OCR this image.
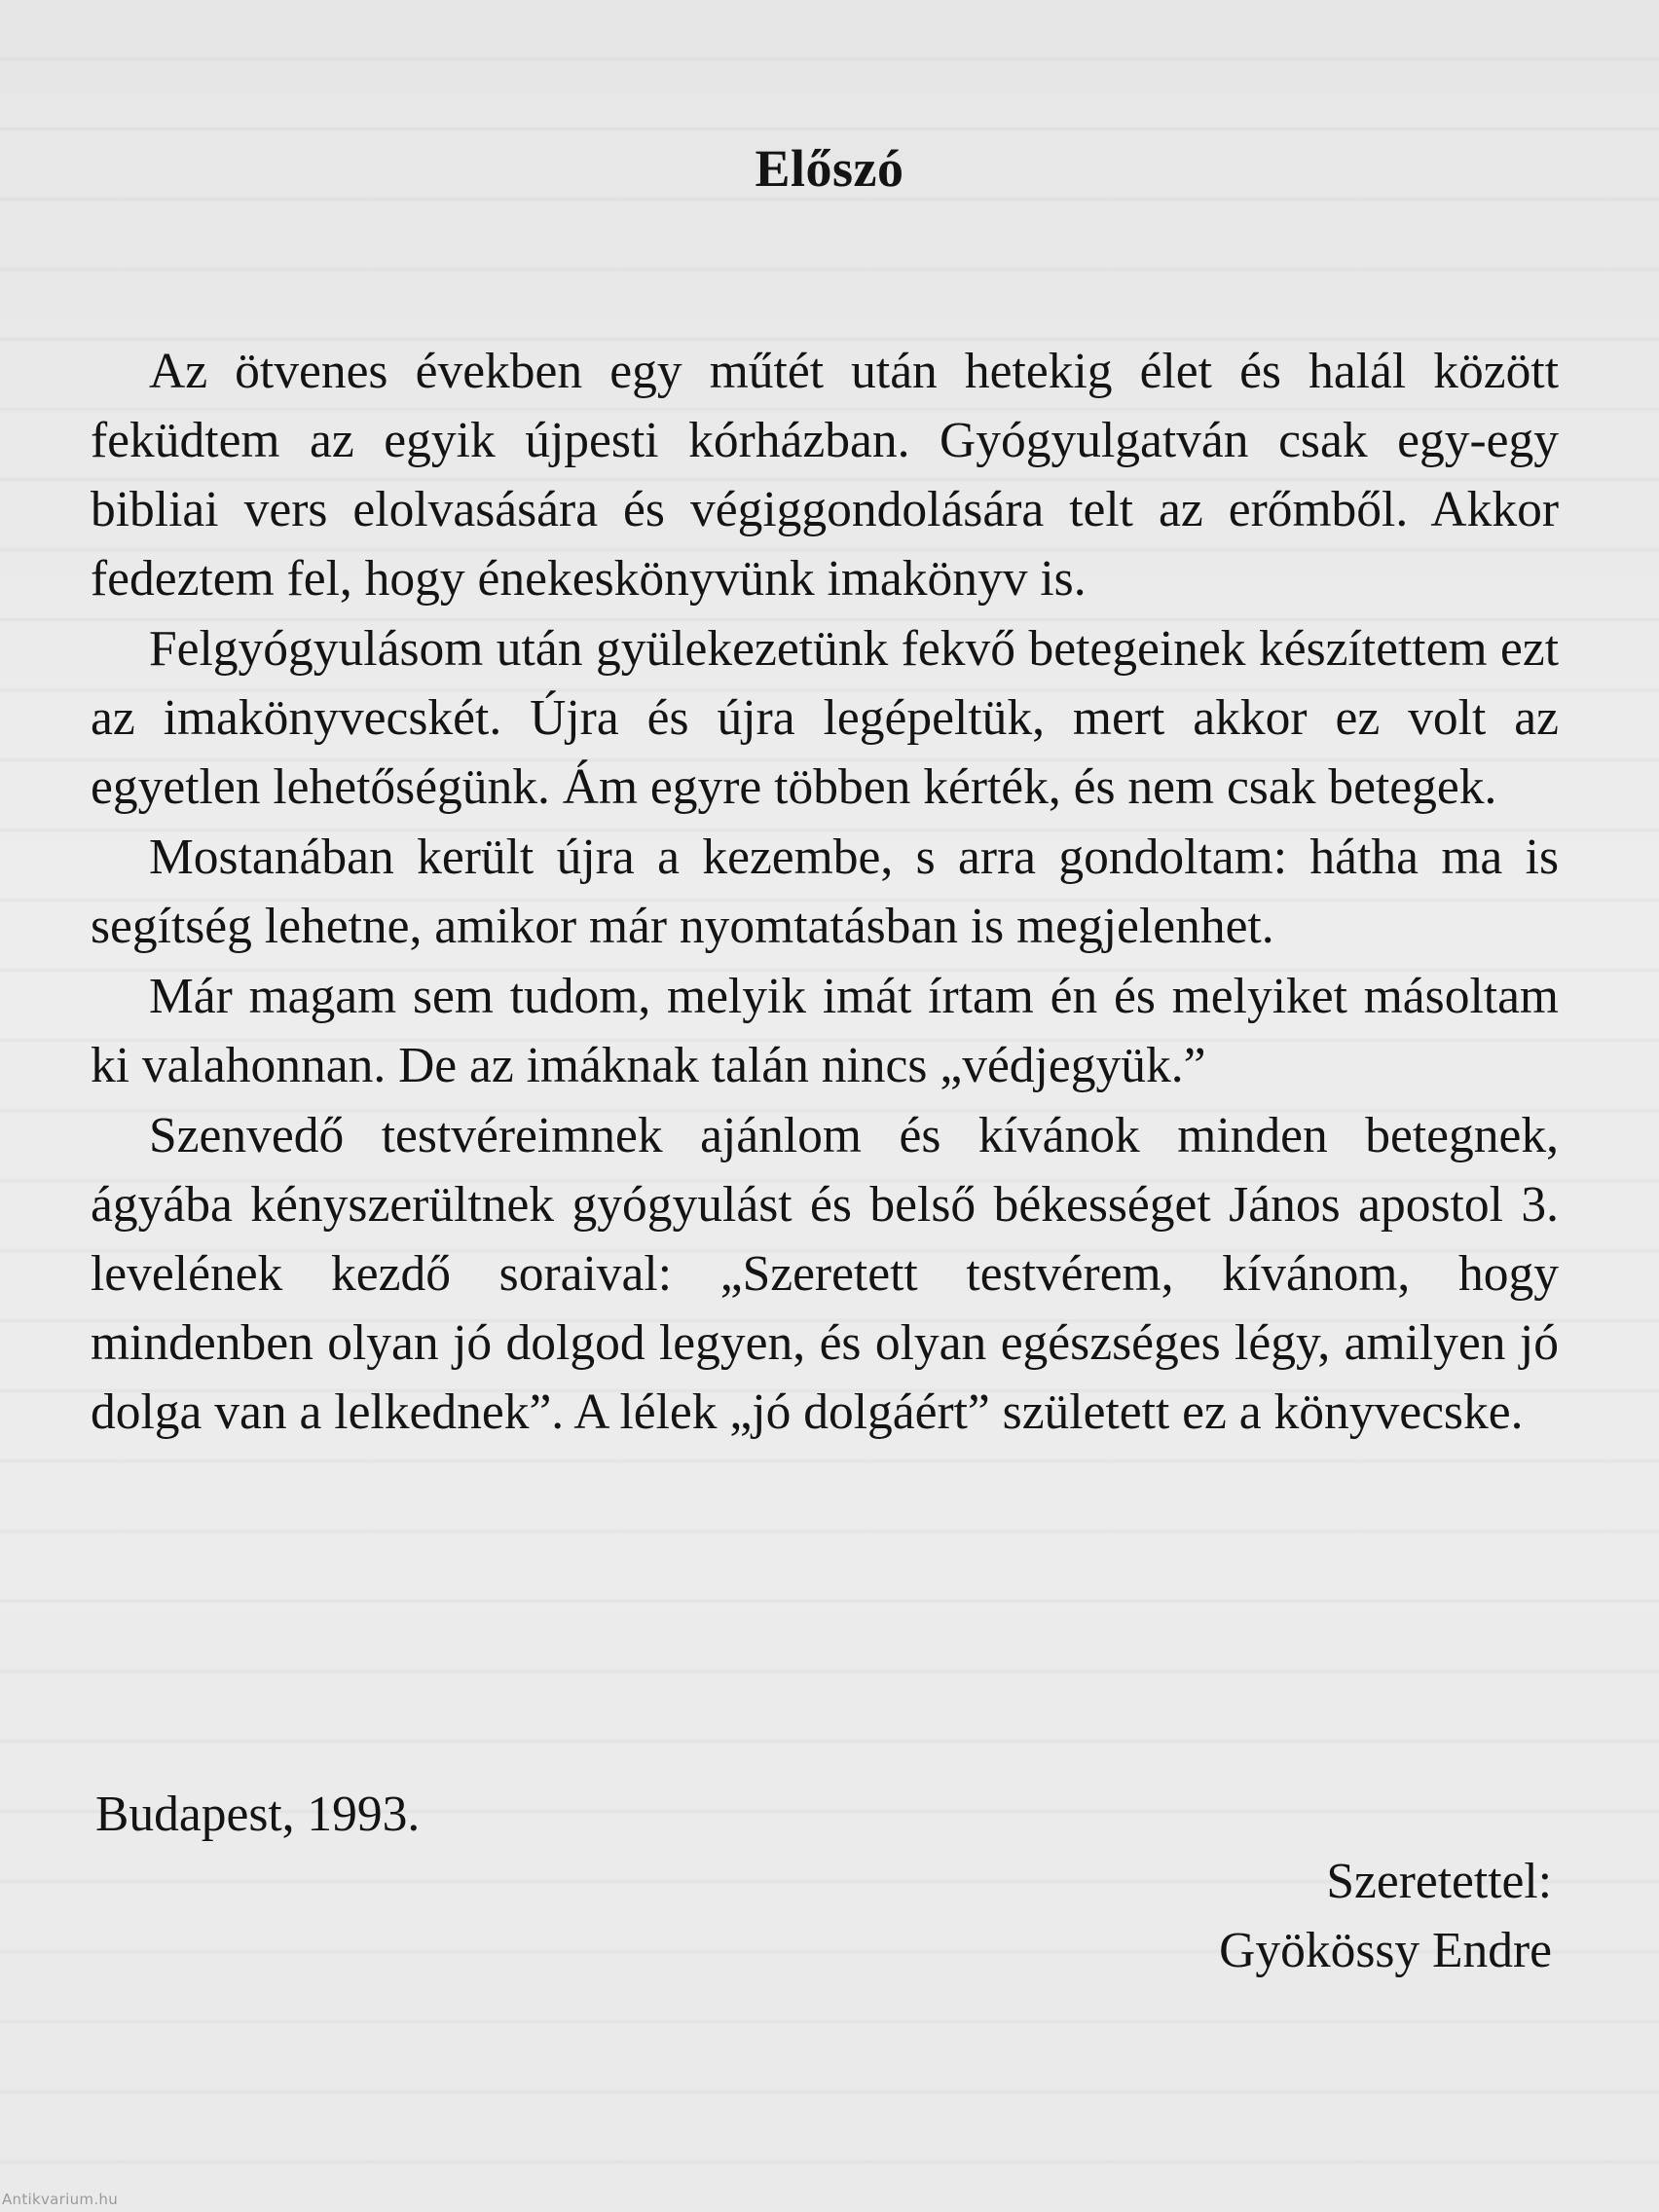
Előszó

Az ötvenes években egy műtét után hetekig élet és halál között feküdtem az egyik újpesti kórházban. Gyógyulgatván csak egy-egy bibliai vers elolvasására és végiggondolására telt az erőmből. Akkor fedeztem fel, hogy énekeskönyvünk imakönyv is.

Felgyógyulásom után gyülekezetünk fekvő betegeinek készítettem ezt az imakönyvecskét. Újra és újra legépeltük, mert akkor ez volt az egyetlen lehetőségünk. Ám egyre többen kérték, és nem csak betegek.

Mostanában került újra a kezembe, s arra gondoltam: hátha ma is segítség lehetne, amikor már nyomtatásban is megjelenhet.

Már magam sem tudom, melyik imát írtam én és melyiket másoltam ki valahonnan. De az imáknak talán nincs „védjegyük.”

Szenvedő testvéreimnek ajánlom és kívánok minden betegnek, ágyába kényszerültnek gyógyulást és belső békességet János apostol 3. levelének kezdő soraival: „Szeretett testvérem, kívánom, hogy mindenben olyan jó dolgod legyen, és olyan egészséges légy, amilyen jó dolga van a lelkednek”. A lélek „jó dolgáért” született ez a könyvecske.

Budapest, 1993.
Szeretettel:
Gyökössy Endre
Antikvarium.hu
